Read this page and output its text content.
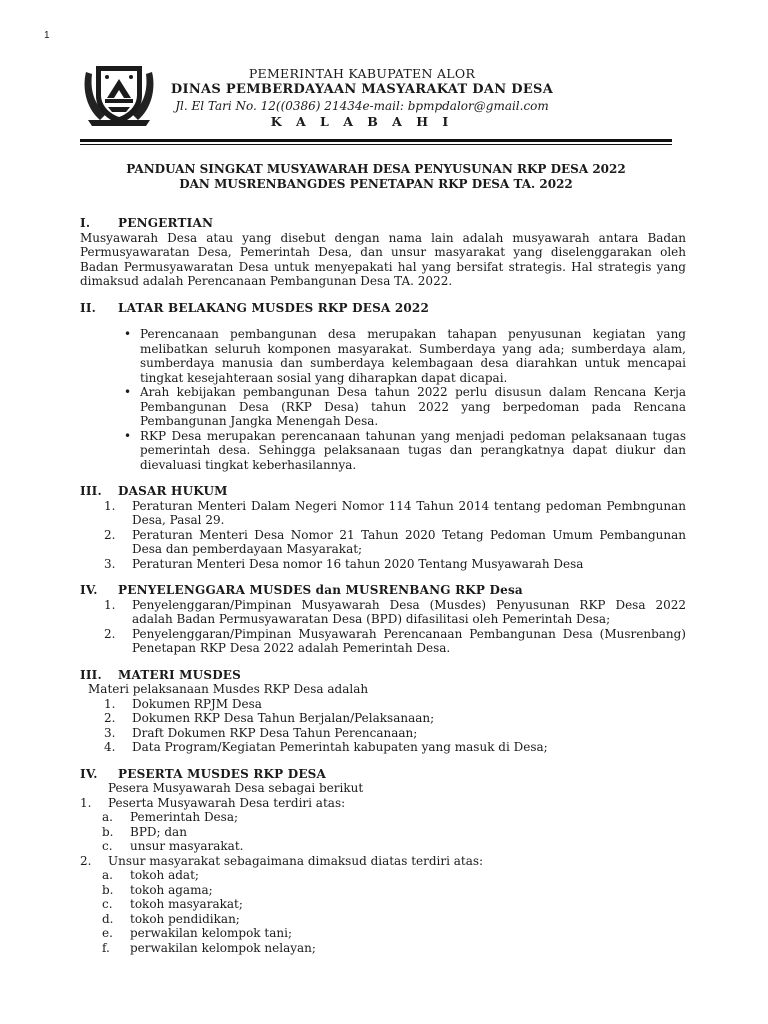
1
PEMERINTAH KABUPATEN ALOR
DINAS PEMBERDAYAAN MASYARAKAT DAN DESA
Jl. El Tari No. 12((0386) 21434e-mail: bpmpdalor@gmail.com
K A L A B A H I
PANDUAN SINGKAT MUSYAWARAH DESA PENYUSUNAN RKP DESA 2022
DAN MUSRENBANGDES PENETAPAN RKP DESA TA. 2022
I. PENGERTIAN

Musyawarah Desa atau yang disebut dengan nama lain adalah musyawarah antara Badan Permusyawaratan Desa, Pemerintah Desa, dan unsur masyarakat yang diselenggarakan oleh Badan Permusyawaratan Desa untuk menyepakati hal yang bersifat strategis. Hal strategis yang dimaksud adalah Perencanaan Pembangunan Desa TA. 2022.

II. LATAR BELAKANG MUSDES RKP DESA 2022
• Perencanaan pembangunan desa merupakan tahapan penyusunan kegiatan yang melibatkan seluruh komponen masyarakat. Sumberdaya yang ada; sumberdaya alam, sumberdaya manusia dan sumberdaya kelembagaan desa diarahkan untuk mencapai tingkat kesejahteraan sosial yang diharapkan dapat dicapai.
• Arah kebijakan pembangunan Desa tahun 2022 perlu disusun dalam Rencana Kerja Pembangunan Desa (RKP Desa) tahun 2022 yang berpedoman pada Rencana Pembangunan Jangka Menengah Desa.
• RKP Desa merupakan perencanaan tahunan yang menjadi pedoman pelaksanaan tugas pemerintah desa. Sehingga pelaksanaan tugas dan perangkatnya dapat diukur dan dievaluasi tingkat keberhasilannya.
III. DASAR HUKUM
1. Peraturan Menteri Dalam Negeri Nomor 114 Tahun 2014 tentang pedoman Pembngunan Desa, Pasal 29.
2. Peraturan Menteri Desa Nomor 21 Tahun 2020 Tetang Pedoman Umum Pembangunan Desa dan pemberdayaan Masyarakat;
3. Peraturan Menteri Desa nomor 16 tahun 2020 Tentang Musyawarah Desa
IV. PENYELENGGARA MUSDES dan MUSRENBANG RKP Desa
1. Penyelenggaran/Pimpinan Musyawarah Desa (Musdes) Penyusunan RKP Desa 2022 adalah Badan Permusyawaratan Desa (BPD) difasilitasi oleh Pemerintah Desa;
2. Penyelenggaran/Pimpinan Musyawarah Perencanaan Pembangunan Desa (Musrenbang) Penetapan RKP Desa 2022 adalah Pemerintah Desa.
III. MATERI MUSDES
Materi pelaksanaan Musdes RKP Desa adalah
1. Dokumen RPJM Desa
2. Dokumen RKP Desa Tahun Berjalan/Pelaksanaan;
3. Draft Dokumen RKP Desa Tahun Perencanaan;
4. Data Program/Kegiatan Pemerintah kabupaten yang masuk di Desa;
IV. PESERTA MUSDES RKP DESA
Pesera Musyawarah Desa sebagai berikut
1. Peserta Musyawarah Desa terdiri atas:
a. Pemerintah Desa;
b. BPD; dan
c. unsur masyarakat.
2. Unsur masyarakat sebagaimana dimaksud diatas terdiri atas:
a. tokoh adat;
b. tokoh agama;
c. tokoh masyarakat;
d. tokoh pendidikan;
e. perwakilan kelompok tani;
f. perwakilan kelompok nelayan;
